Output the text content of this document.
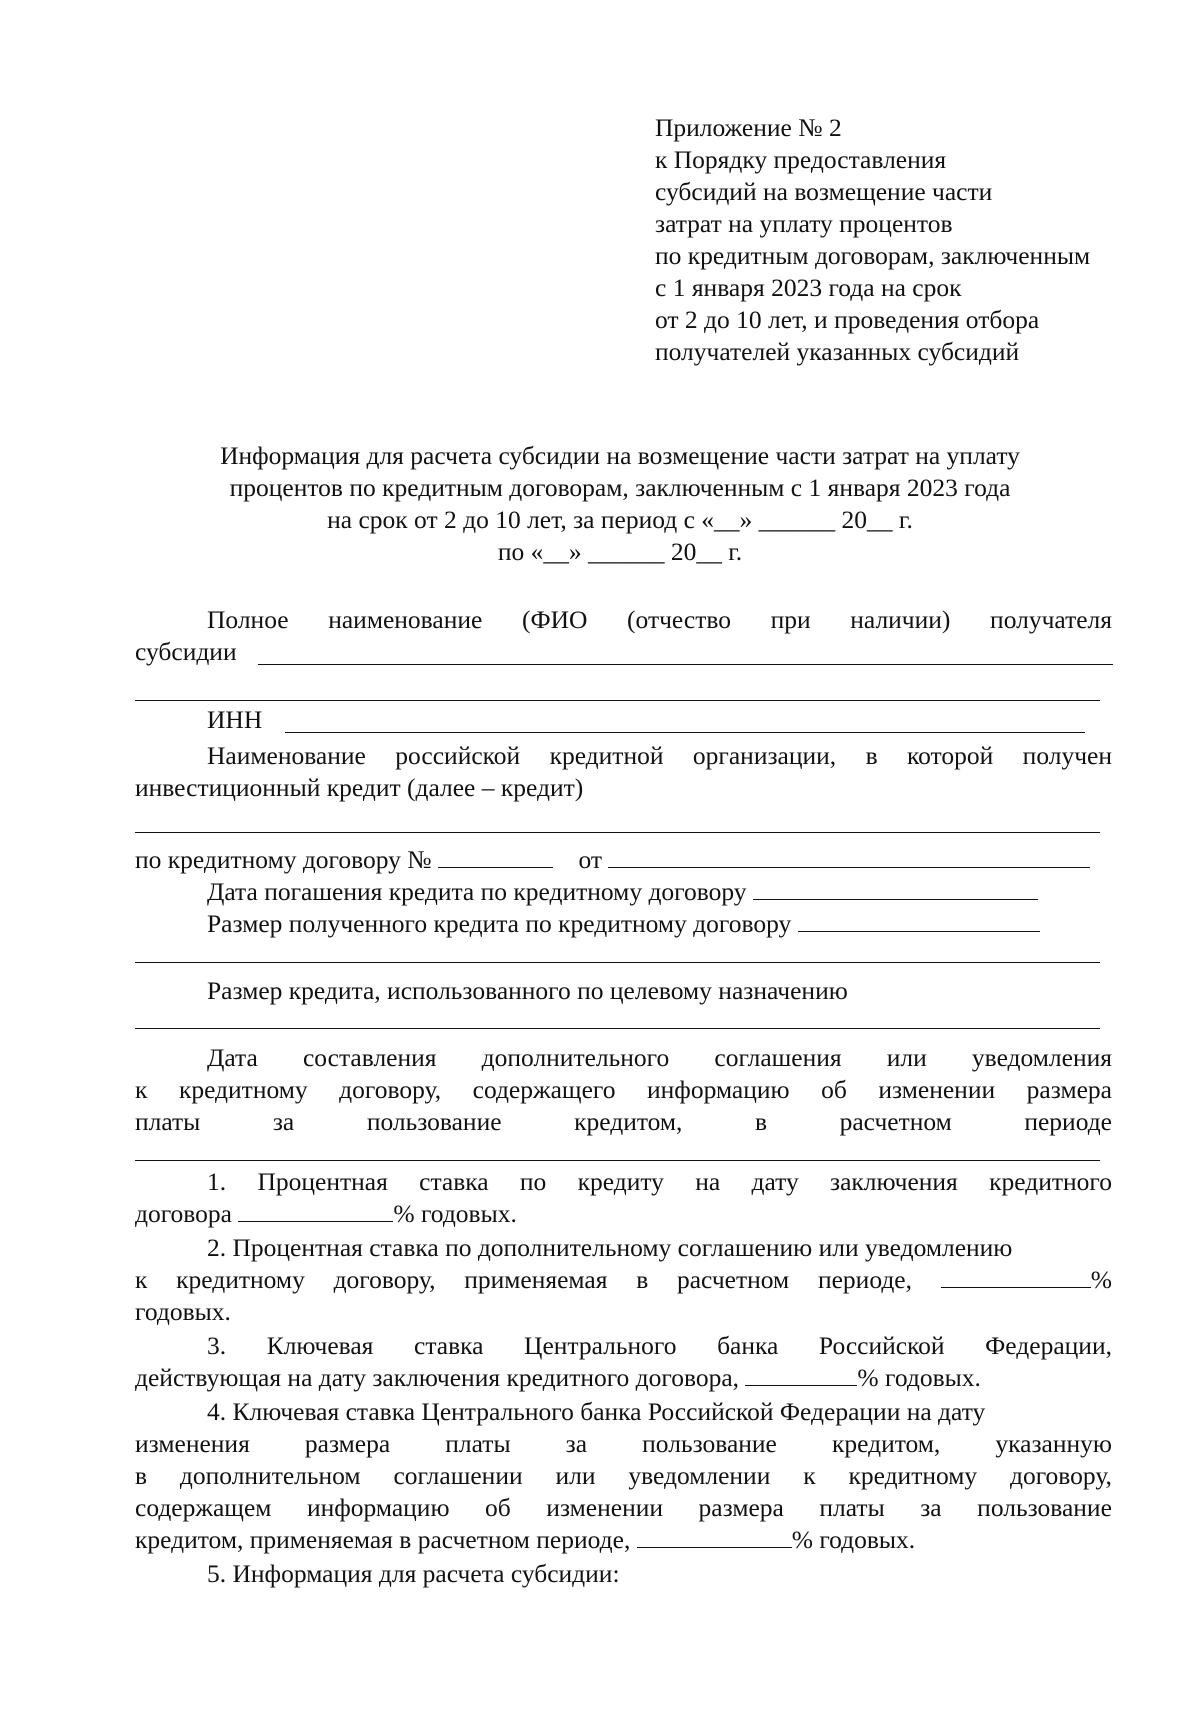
Приложение № 2
к Порядку предоставления
субсидий на возмещение части
затрат на уплату процентов
по кредитным договорам, заключенным
с 1 января 2023 года на срок
от 2 до 10 лет, и проведения отбора
получателей указанных субсидий
Информация для расчета субсидии на возмещение части затрат на уплату
процентов по кредитным договорам, заключенным с 1 января 2023 года
на срок от 2 до 10 лет, за период с «__» ______ 20__ г.
по «__» ______ 20__ г.
Полное наименование (ФИО (отчество при наличии) получателя
субсидии
ИНН
Наименование российской кредитной организации, в которой получен
инвестиционный кредит (далее – кредит)
по кредитному договору №	от
Дата погашения кредита по кредитному договору
Размер полученного кредита по кредитному договору
Размер кредита, использованного по целевому назначению
Дата составления дополнительного соглашения или уведомления
к кредитному договору, содержащего информацию об изменении размера
платы	за	пользование	кредитом,	в	расчетном	периоде
1. Процентная ставка по кредиту на дату заключения кредитного
договора	% годовых.
2. Процентная ставка по дополнительному соглашению или уведомлению
к кредитному договору, применяемая в расчетном периоде,	%
годовых.
3. Ключевая ставка Центрального банка Российской Федерации,
действующая на дату заключения кредитного договора,	% годовых.
4. Ключевая ставка Центрального банка Российской Федерации на дату
изменения размера платы за пользование кредитом, указанную
в дополнительном соглашении или уведомлении к кредитному договору,
содержащем информацию об изменении размера платы за пользование
кредитом, применяемая в расчетном периоде,	% годовых.
5. Информация для расчета субсидии:
